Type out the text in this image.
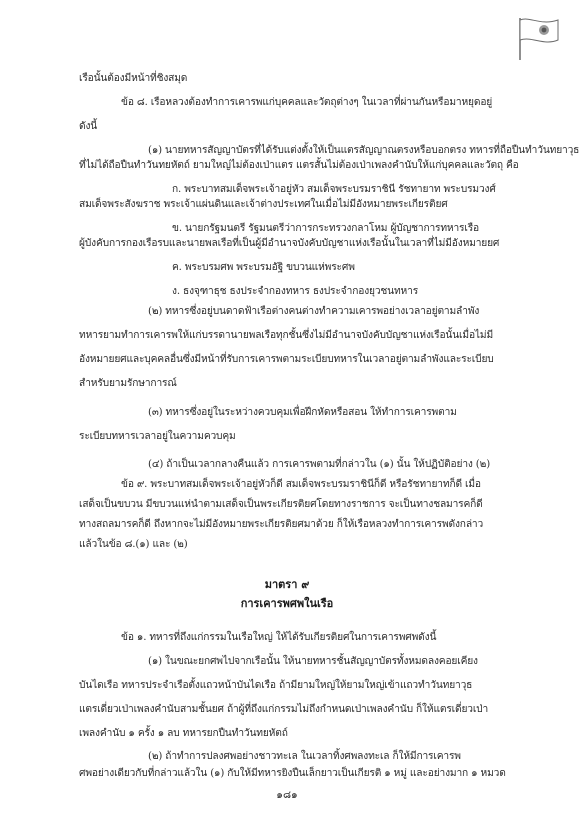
เรือนั้นต้องมีหน้าที่ชิงสมุด
ข้อ ๘. เรือหลวงต้องทำการเคารพแก่บุคคลและวัตถุต่างๆ ในเวลาที่ผ่านกันหรือมาหยุดอยู่
ดังนี้
(๑) นายทหารสัญญาบัตรที่ได้รับแต่งตั้งให้เป็นแตรสัญญาณตรงหรือบอกตรง ทหารที่ถือปืนทำวันทยาวุธ
ที่ไม่ได้ถือปืนทำวันทยหัตถ์ ยามใหญ่ไม่ต้องเป่าแตร แตรสั้นไม่ต้องเป่าเพลงคำนับให้แก่บุคคลและวัตถุ คือ
ก. พระบาทสมเด็จพระเจ้าอยู่หัว สมเด็จพระบรมราชินี รัชทายาท พระบรมวงศ์
สมเด็จพระสังฆราช พระเจ้าแผ่นดินและเจ้าต่างประเทศในเมื่อไม่มีอังหมายพระเกียรติยศ
ข. นายกรัฐมนตรี รัฐมนตรีว่าการกระทรวงกลาโหม ผู้บัญชาการทหารเรือ
ผู้บังคับการกองเรือรบและนายพลเรือที่เป็นผู้มีอำนาจบังคับบัญชาแห่งเรือนั้นในเวลาที่ไม่มีอังหมายยศ
ค. พระบรมศพ พระบรมอัฐิ ขบวนแห่พระศพ
ง. ธงจุฑาธุช ธงประจำกองทหาร ธงประจำกองยุวชนทหาร
(๒) ทหารซึ่งอยู่บนดาดฟ้าเรือต่างคนต่างทำความเคารพอย่างเวลาอยู่ตามลำพัง
ทหารยามทำการเคารพให้แก่บรรดานายพลเรือทุกชั้นซึ่งไม่มีอำนาจบังคับบัญชาแห่งเรือนั้นเมื่อไม่มี
อังหมายยศและบุคคลอื่นซึ่งมีหน้าที่รับการเคารพตามระเบียบทหารในเวลาอยู่ตามลำพังและระเบียบ
สำหรับยามรักษาการณ์
(๓) ทหารซึ่งอยู่ในระหว่างควบคุมเพื่อฝึกหัดหรือสอน ให้ทำการเคารพตาม
ระเบียบทหารเวลาอยู่ในความควบคุม
(๔) ถ้าเป็นเวลากลางคืนแล้ว การเคารพตามที่กล่าวใน (๑) นั้น ให้ปฏิบัติอย่าง (๒)
ข้อ ๙. พระบาทสมเด็จพระเจ้าอยู่หัวก็ดี สมเด็จพระบรมราชินีก็ดี หรือรัชทายาทก็ดี เมื่อ
เสด็จเป็นขบวน มีขบวนแห่นำตามเสด็จเป็นพระเกียรติยศโดยทางราชการ จะเป็นทางชลมารคก็ดี
ทางสถลมารคก็ดี ถึงหากจะไม่มีอังหมายพระเกียรติยศมาด้วย ก็ให้เรือหลวงทำการเคารพดังกล่าว
แล้วในข้อ ๘.(๑) และ (๒)
มาตรา ๙
การเคารพศพในเรือ
ข้อ ๑. ทหารที่ถึงแก่กรรมในเรือใหญ่ ให้ได้รับเกียรติยศในการเคารพศพดังนี้
(๑) ในขณะยกศพไปจากเรือนั้น ให้นายทหารชั้นสัญญาบัตรทั้งหมดลงคอยเคียง
บันไดเรือ ทหารประจำเรือตั้งแถวหน้าบันไดเรือ ถ้ามียามใหญ่ให้ยามใหญ่เข้าแถวทำวันทยาวุธ
แตรเดี่ยวเป่าเพลงคำนับสามชั้นยศ ถ้าผู้ที่ถึงแก่กรรมไม่ถึงกำหนดเป่าเพลงคำนับ ก็ให้แตรเดี่ยวเป่า
เพลงคำนับ ๑ ครั้ง ๑ ลบ ทหารยกปืนทำวันทยหัตถ์
(๒) ถ้าทำการปลงศพอย่างชาวทะเล ในเวลาทิ้งศพลงทะเล ก็ให้มีการเคารพ
ศพอย่างเดียวกับที่กล่าวแล้วใน (๑) กับให้มีทหารยิงปืนเล็กยาวเป็นเกียรติ ๑ หมู่ และอย่างมาก ๑ หมวด
๑๘๑
